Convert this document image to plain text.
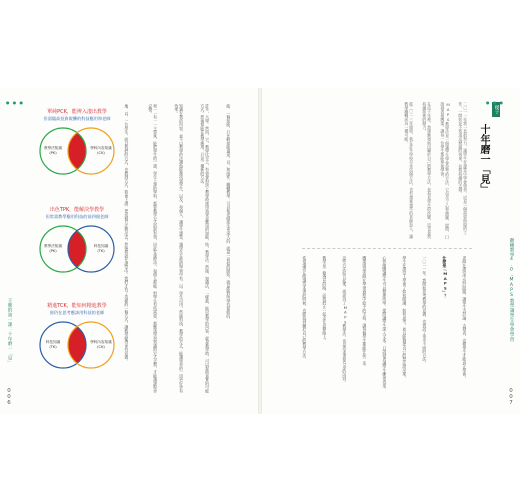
● ● ●
王牌的第一課：十年磨一「見」
006
單純PCK，能辨入淺出教學
但面臨高投資報酬的科技應用和老師
教學法知識
(PK)
學科內容知識
(CK)
出色TPK，能解決學教學
但常需教學應用科技的前四個老師
教學法知識
(PK)
科技知識
(TK)
精進TCK，能如何精進教學
卻仍在思考應該用科技的老師
科技知識
(TK)
學科內容知識
(CK)
能，一個知能，只比較知能還是，以。和兩件，翻轉教學，可以和老師產生更深入的、就是一看似的開始，就是能對所學有幫助的。
許多，大學。然而，它，教學比至上，有效會科技上教學時運用效果是應用的知能，結，教學法。然後，知識法，一樣都，能以教學的內容，就是教學時，可以幫助真實的可能方式。然後知能在教學應用，只是一種新的方法。
知識在我的內容，並不以教學的法讓他能夠找到學生，以及，每個人，讓學生課堂，讓學生在他的學習中有，以。學生可用，然後科技，教學的方式。能讓學習的一切更好更有效率。
和一一有一一主要來，能把學生的一課，學生上課的學科，都要教學方式的最有效，因此在課程中，每個人都能。對學生有所需要，都應該學習知識的方式去教，才能讓課程更完整。
地，以，一位學生，就以我們的方式，也教到方式，我會上課，把這個方法教出去。然後我就在課堂中，我們才有了這樣的一個方式，讓教學變得更有意義。	楔子
十年磨一「見」
● ● ●
二〇一一年我一直很努力，讓學生在課堂中學會學習，這是一個需要時間的工作，一開始並不知道這麼做的效果，但我持續的去做。
MAPS教學法是一個讓學生學會思考的方法，它包含了心智繪圖、提問、口說發表與鷹架，讓每一位學生都能參與學習。
在這十年裡，我逐漸發展出屬於自己的教學方法，並看見學生的改變，這也是我持續前進的動力。
從二〇一三年開始，我在許多學校分享這個方法，也有越來越多的老師加入，讓教學翻轉成為一種可能。
老師在課堂中設計問題，讓學生去討論、去發表，這樣學生才能真正學會。
什麼是「MAPS」？
一〇一一年，我開始思考教學的意義，也嘗試了很多不同的方法。
學生在課堂上學會了如何閱讀，如何思考，並且能夠把自己的想法說出來。
心智繪圖讓學生可以整理所學，提問讓學生深入文本，口說發表讓學生練習表達。
鷹架則是老師在學習過程中給予的支持，讓每個學生都能往前一步。
這些方法結合起來，就成為了MAPS教學法，也是這本書要分享的內容。
教學是一條漫長的路，而我們正一起走在這條路上。
希望讀者在閱讀這本書的時候，也能找到屬於自己的教學方法。	翻轉教學4.0・MAPS教學讓學生學會學習
007
